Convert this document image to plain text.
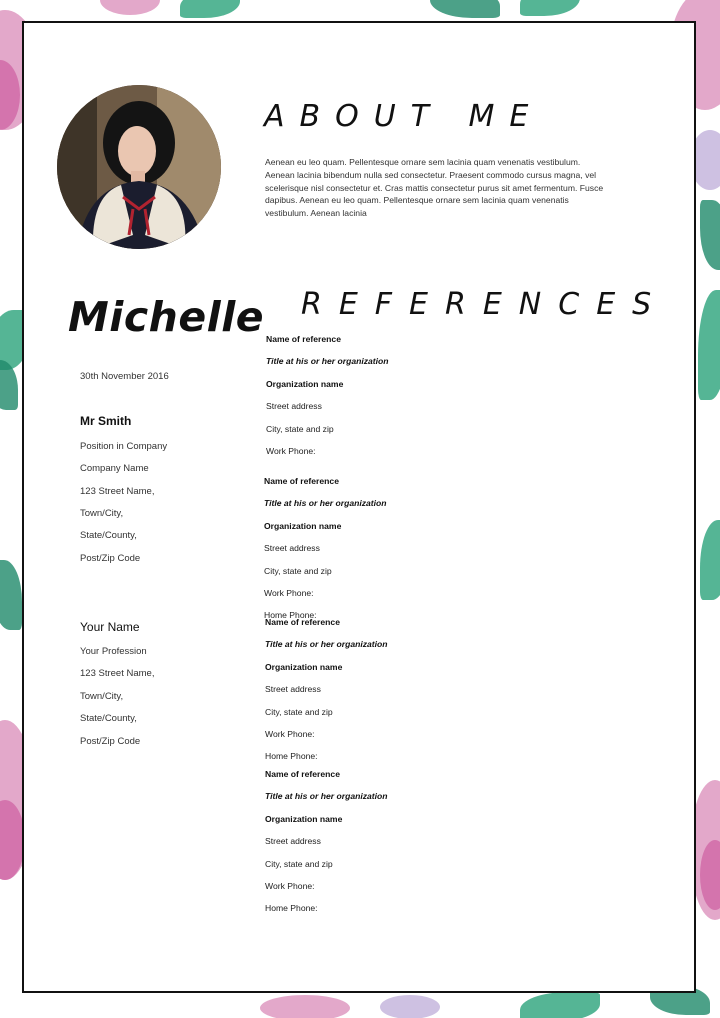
ABOUT ME

Aenean eu leo quam. Pellentesque ornare sem lacinia quam venenatis vestibulum. Aenean lacinia bibendum nulla sed consectetur. Praesent commodo cursus magna, vel scelerisque nisl consectetur et. Cras mattis consectetur purus sit amet fermentum. Fusce dapibus. Aenean eu leo quam. Pellentesque ornare sem lacinia quam venenatis vestibulum. Aenean lacinia

Michelle REFERENCES
30th November 2016
Mr Smith
Position in Company
Company Name
123 Street Name,
Town/City,
State/County,
Post/Zip Code
Your Name
Your Profession
123 Street Name,
Town/City,
State/County,
Post/Zip Code
Name of reference
Title at his or her organization
Organization name
Street address
City, state and zip
Work Phone:
Name of reference
Title at his or her organization
Organization name
Street address
City, state and zip
Work Phone:
Home Phone:
Name of reference
Title at his or her organization
Organization name
Street address
City, state and zip
Work Phone:
Home Phone:
Name of reference
Title at his or her organization
Organization name
Street address
City, state and zip
Work Phone:
Home Phone:
